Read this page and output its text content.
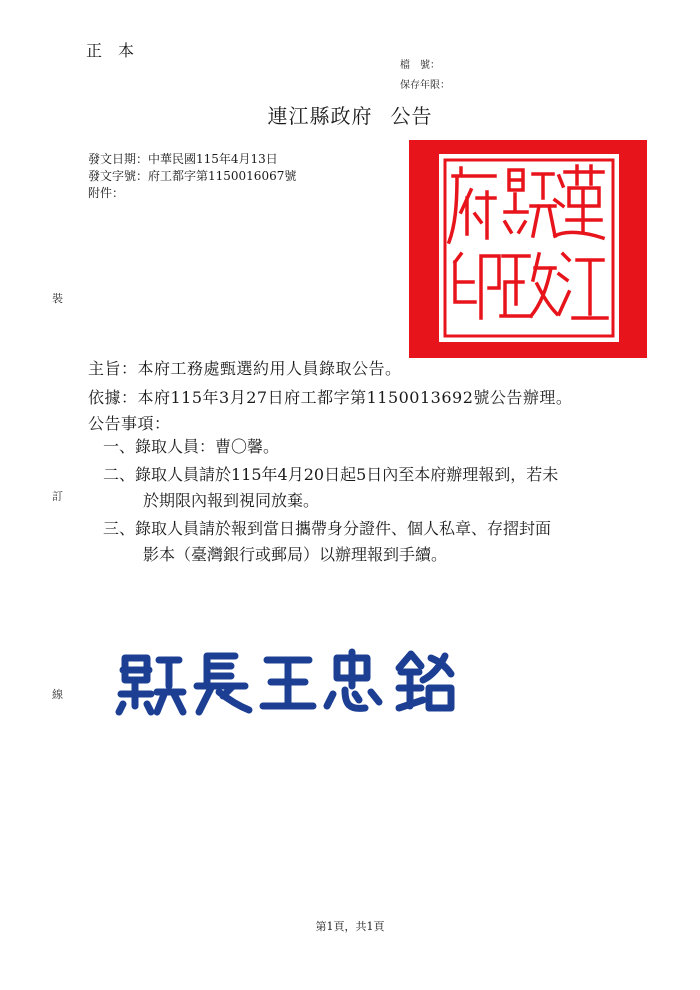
正 本
檔　號：
保存年限：
連江縣政府 公告
發文日期：中華民國115年4月13日
發文字號：府工都字第1150016067號
附件：
裝
訂
線
主旨：本府工務處甄選約用人員錄取公告。
依據：本府115年3月27日府工都字第1150013692號公告辦理。
公告事項：
一、錄取人員：曹〇馨。
二、錄取人員請於115年4月20日起5日內至本府辦理報到，若未
於期限內報到視同放棄。
三、錄取人員請於報到當日攜帶身分證件、個人私章、存摺封面
影本（臺灣銀行或郵局）以辦理報到手續。
第1頁，共1頁
